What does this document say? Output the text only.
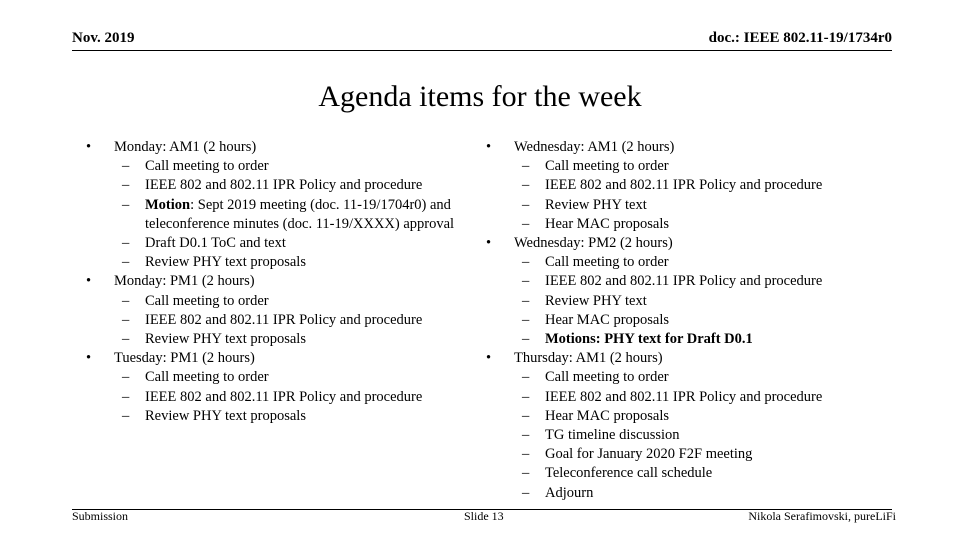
Nov. 2019	doc.: IEEE 802.11-19/1734r0
Agenda items for the week
• Monday: AM1 (2 hours)
– Call meeting to order
– IEEE 802 and 802.11 IPR Policy and procedure
– Motion: Sept 2019 meeting (doc. 11-19/1704r0) and teleconference minutes (doc. 11-19/XXXX) approval
– Draft D0.1 ToC and text
– Review PHY text proposals
• Monday: PM1 (2 hours)
– Call meeting to order
– IEEE 802 and 802.11 IPR Policy and procedure
– Review PHY text proposals
• Tuesday: PM1 (2 hours)
– Call meeting to order
– IEEE 802 and 802.11 IPR Policy and procedure
– Review PHY text proposals
• Wednesday: AM1 (2 hours)
– Call meeting to order
– IEEE 802 and 802.11 IPR Policy and procedure
– Review PHY text
– Hear MAC proposals
• Wednesday: PM2 (2 hours)
– Call meeting to order
– IEEE 802 and 802.11 IPR Policy and procedure
– Review PHY text
– Hear MAC proposals
– Motions: PHY text for Draft D0.1
• Thursday: AM1 (2 hours)
– Call meeting to order
– IEEE 802 and 802.11 IPR Policy and procedure
– Hear MAC proposals
– TG timeline discussion
– Goal for January 2020 F2F meeting
– Teleconference call schedule
– Adjourn
Submission	Slide 13	Nikola Serafimovski, pureLiFi
